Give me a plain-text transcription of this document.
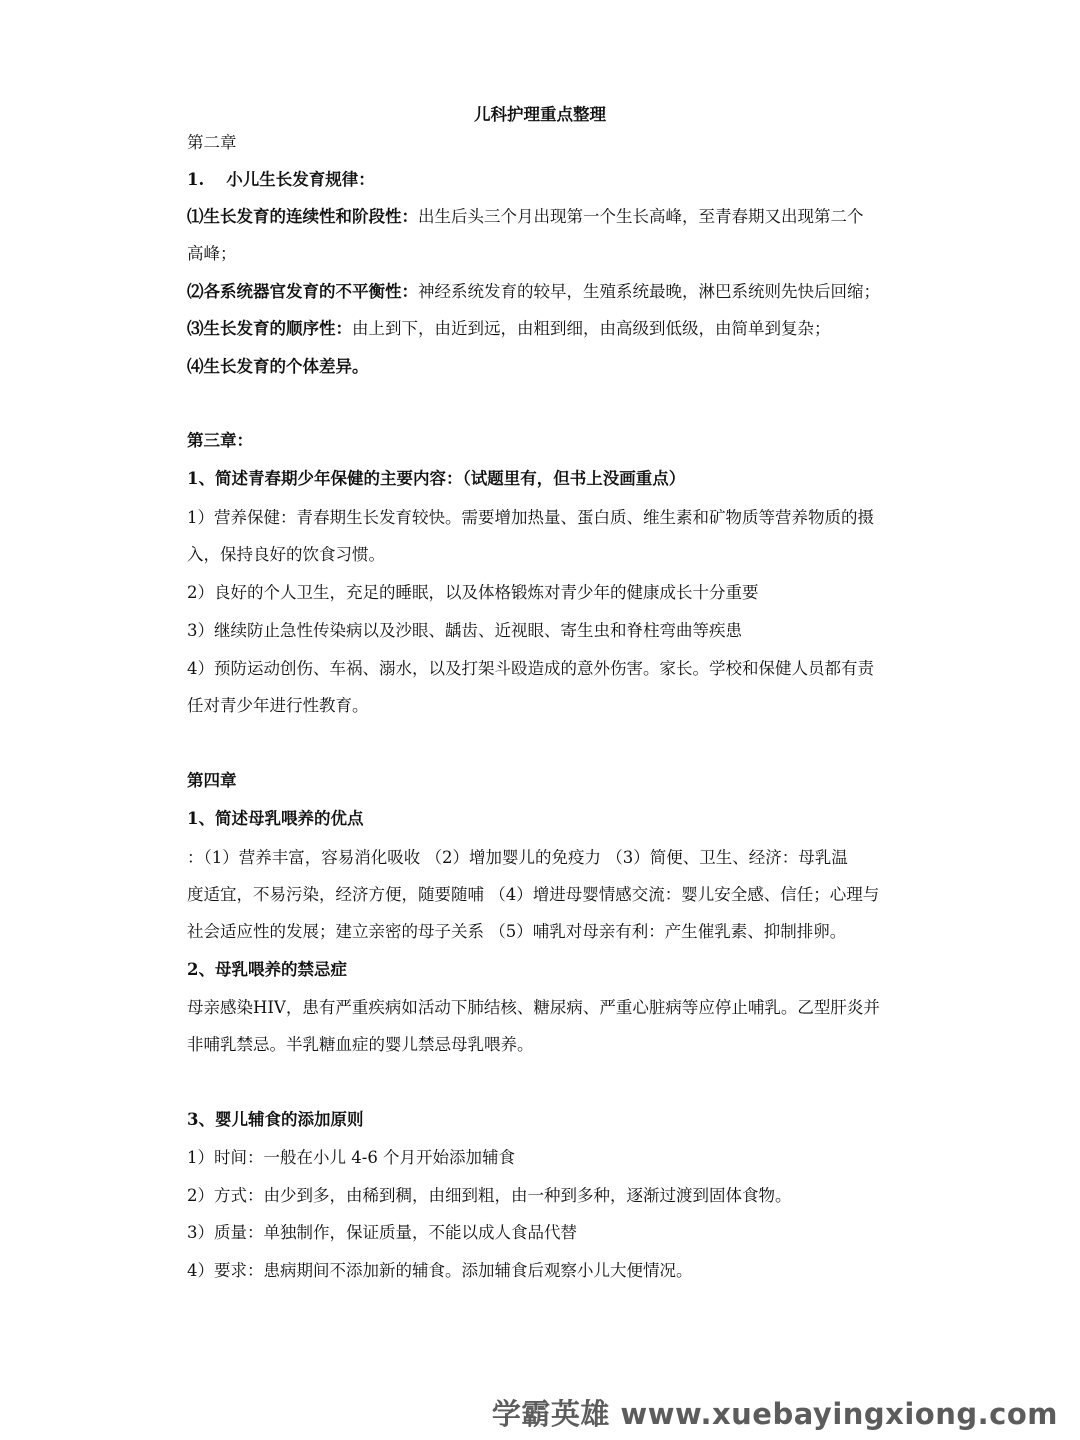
儿科护理重点整理
第二章
1. 小儿生长发育规律：
⑴生长发育的连续性和阶段性：出生后头三个月出现第一个生长高峰，至青春期又出现第二个
高峰；
⑵各系统器官发育的不平衡性：神经系统发育的较早，生殖系统最晚，淋巴系统则先快后回缩；
⑶生长发育的顺序性：由上到下，由近到远，由粗到细，由高级到低级，由简单到复杂；
⑷生长发育的个体差异。
第三章：
1、简述青春期少年保健的主要内容：（试题里有，但书上没画重点）
1）营养保健：青春期生长发育较快。需要增加热量、蛋白质、维生素和矿物质等营养物质的摄
入，保持良好的饮食习惯。
2）良好的个人卫生，充足的睡眠，以及体格锻炼对青少年的健康成长十分重要
3）继续防止急性传染病以及沙眼、龋齿、近视眼、寄生虫和脊柱弯曲等疾患
4）预防运动创伤、车祸、溺水，以及打架斗殴造成的意外伤害。家长。学校和保健人员都有责
任对青少年进行性教育。
第四章
1、简述母乳喂养的优点
：（1）营养丰富，容易消化吸收 （2）增加婴儿的免疫力 （3）简便、卫生、经济：母乳温
度适宜，不易污染，经济方便，随要随哺 （4）增进母婴情感交流：婴儿安全感、信任；心理与
社会适应性的发展；建立亲密的母子关系 （5）哺乳对母亲有利：产生催乳素、抑制排卵。
2、母乳喂养的禁忌症
母亲感染HIV，患有严重疾病如活动下肺结核、糖尿病、严重心脏病等应停止哺乳。乙型肝炎并
非哺乳禁忌。半乳糖血症的婴儿禁忌母乳喂养。
3、婴儿辅食的添加原则
1）时间：一般在小儿 4-6 个月开始添加辅食
2）方式：由少到多，由稀到稠，由细到粗，由一种到多种，逐渐过渡到固体食物。
3）质量：单独制作，保证质量，不能以成人食品代替
4）要求：患病期间不添加新的辅食。添加辅食后观察小儿大便情况。
学霸英雄 www.xuebayingxiong.com
